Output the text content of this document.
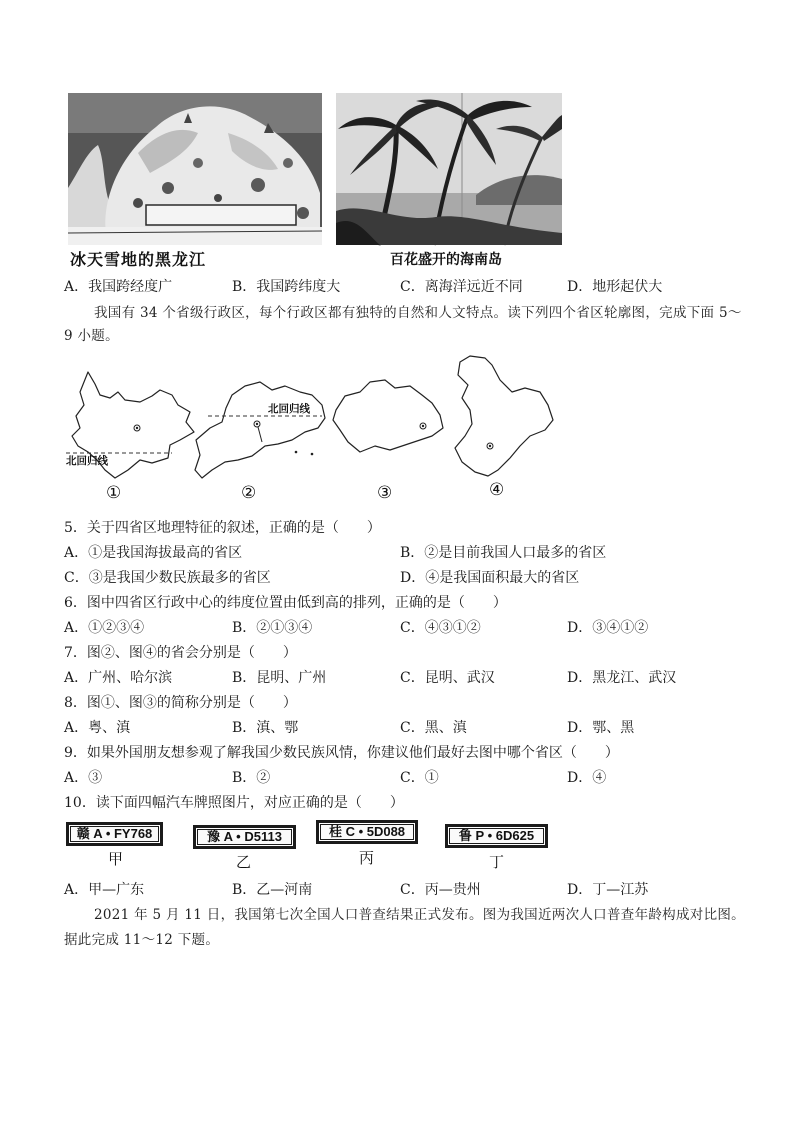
冰天雪地的黑龙江	百花盛开的海南岛
A．我国跨经度广	B．我国跨纬度大	C．离海洋远近不同	D．地形起伏大
我国有 34 个省级行政区，每个行政区都有独特的自然和人文特点。读下列四个省区轮廓图，完成下面 5～
9 小题。
北回归线
北回归线
①	②	③	④
5．关于四省区地理特征的叙述，正确的是（　　）
A．①是我国海拔最高的省区	B．②是目前我国人口最多的省区
C．③是我国少数民族最多的省区	D．④是我国面积最大的省区
6．图中四省区行政中心的纬度位置由低到高的排列，正确的是（　　）
A．①②③④	B．②①③④	C．④③①②	D．③④①②
7．图②、图④的省会分别是（　　）
A．广州、哈尔滨	B．昆明、广州	C．昆明、武汉	D．黑龙江、武汉
8．图①、图③的简称分别是（　　）
A．粤、滇	B．滇、鄂	C．黑、滇	D．鄂、黑
9．如果外国朋友想参观了解我国少数民族风情，你建议他们最好去图中哪个省区（　　）
A．③	B．②	C．①	D．④
10．读下面四幅汽车牌照图片，对应正确的是（　　）
赣 A • FY768
甲
豫 A • D5113
乙
桂 C • 5D088
丙
鲁 P • 6D625
丁
A．甲—广东	B．乙—河南	C．丙—贵州	D．丁—江苏
2021 年 5 月 11 日，我国第七次全国人口普查结果正式发布。图为我国近两次人口普查年龄构成对比图。
据此完成 11～12 下题。
